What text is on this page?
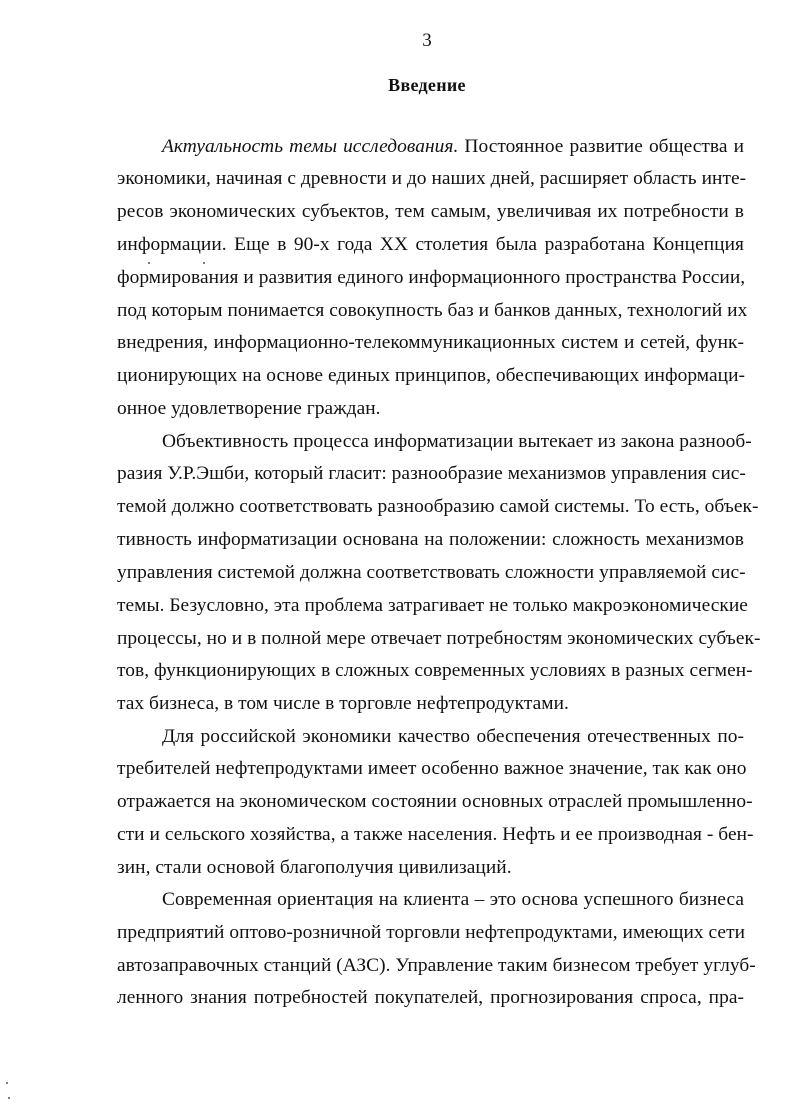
3
Введение
Актуальность темы исследования. Постоянное развитие общества и
экономики, начиная с древности и до наших дней, расширяет область инте-
ресов экономических субъектов, тем самым, увеличивая их потребности в
информации. Еще в 90-х года XX столетия была разработана Концепция
формирования и развития единого информационного пространства России,
под которым понимается совокупность баз и банков данных, технологий их
внедрения, информационно-телекоммуникационных систем и сетей, функ-
ционирующих на основе единых принципов, обеспечивающих информаци-
онное удовлетворение граждан.
Объективность процесса информатизации вытекает из закона разнооб-
разия У.Р.Эшби, который гласит: разнообразие механизмов управления сис-
темой должно соответствовать разнообразию самой системы. То есть, объек-
тивность информатизации основана на положении: сложность механизмов
управления системой должна соответствовать сложности управляемой сис-
темы. Безусловно, эта проблема затрагивает не только макроэкономические
процессы, но и в полной мере отвечает потребностям экономических субъек-
тов, функционирующих в сложных современных условиях в разных сегмен-
тах бизнеса, в том числе в торговле нефтепродуктами.
Для российской экономики качество обеспечения отечественных по-
требителей нефтепродуктами имеет особенно важное значение, так как оно
отражается на экономическом состоянии основных отраслей промышленно-
сти и сельского хозяйства, а также населения. Нефть и ее производная - бен-
зин, стали основой благополучия цивилизаций.
Современная ориентация на клиента – это основа успешного бизнеса
предприятий оптово-розничной торговли нефтепродуктами, имеющих сети
автозаправочных станций (АЗС). Управление таким бизнесом требует углуб-
ленного знания потребностей покупателей, прогнозирования спроса, пра-
